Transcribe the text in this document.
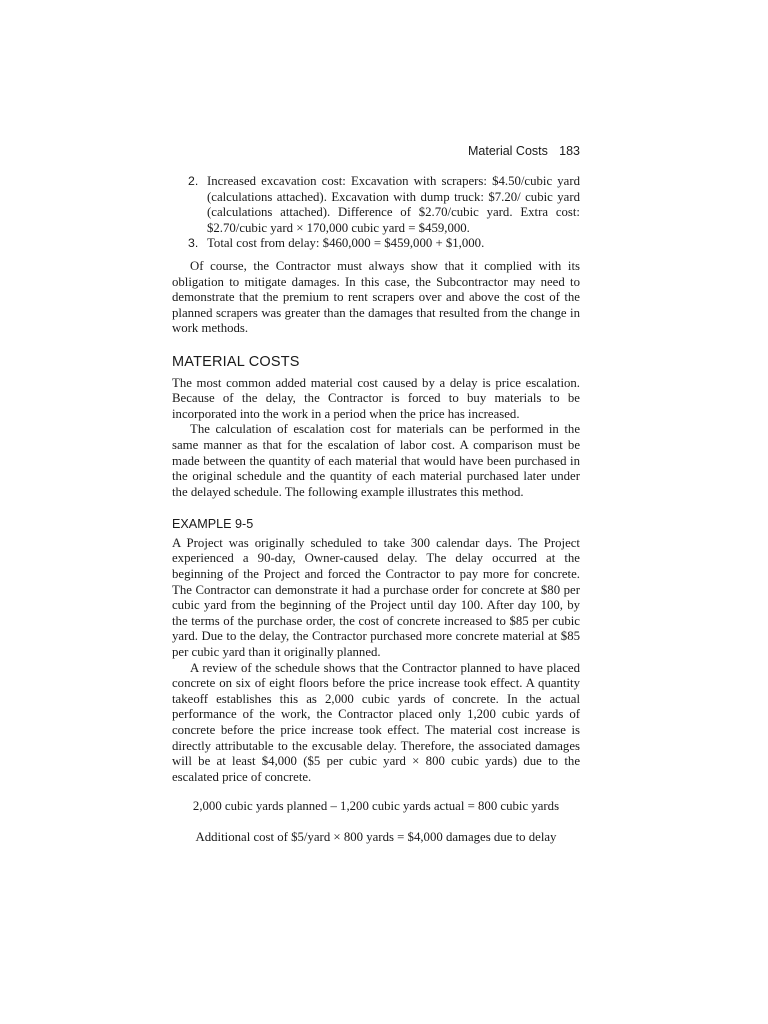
Material Costs 183
2. Increased excavation cost: Excavation with scrapers: $4.50/cubic yard (calculations attached). Excavation with dump truck: $7.20/ cubic yard (calculations attached). Difference of $2.70/cubic yard. Extra cost: $2.70/cubic yard × 170,000 cubic yard = $459,000.
3. Total cost from delay: $460,000 = $459,000 + $1,000.

Of course, the Contractor must always show that it complied with its obligation to mitigate damages. In this case, the Subcontractor may need to demonstrate that the premium to rent scrapers over and above the cost of the planned scrapers was greater than the damages that resulted from the change in work methods.

MATERIAL COSTS

The most common added material cost caused by a delay is price escalation. Because of the delay, the Contractor is forced to buy materials to be incorporated into the work in a period when the price has increased.

The calculation of escalation cost for materials can be performed in the same manner as that for the escalation of labor cost. A comparison must be made between the quantity of each material that would have been purchased in the original schedule and the quantity of each material purchased later under the delayed schedule. The following example illustrates this method.

EXAMPLE 9-5

A Project was originally scheduled to take 300 calendar days. The Project experienced a 90-day, Owner-caused delay. The delay occurred at the beginning of the Project and forced the Contractor to pay more for concrete. The Contractor can demonstrate it had a purchase order for concrete at $80 per cubic yard from the beginning of the Project until day 100. After day 100, by the terms of the purchase order, the cost of concrete increased to $85 per cubic yard. Due to the delay, the Contractor purchased more concrete material at $85 per cubic yard than it originally planned.

A review of the schedule shows that the Contractor planned to have placed concrete on six of eight floors before the price increase took effect. A quantity takeoff establishes this as 2,000 cubic yards of concrete. In the actual performance of the work, the Contractor placed only 1,200 cubic yards of concrete before the price increase took effect. The material cost increase is directly attributable to the excusable delay. Therefore, the associated damages will be at least $4,000 ($5 per cubic yard × 800 cubic yards) due to the escalated price of concrete.

2,000 cubic yards planned – 1,200 cubic yards actual = 800 cubic yards

Additional cost of $5/yard × 800 yards = $4,000 damages due to delay
